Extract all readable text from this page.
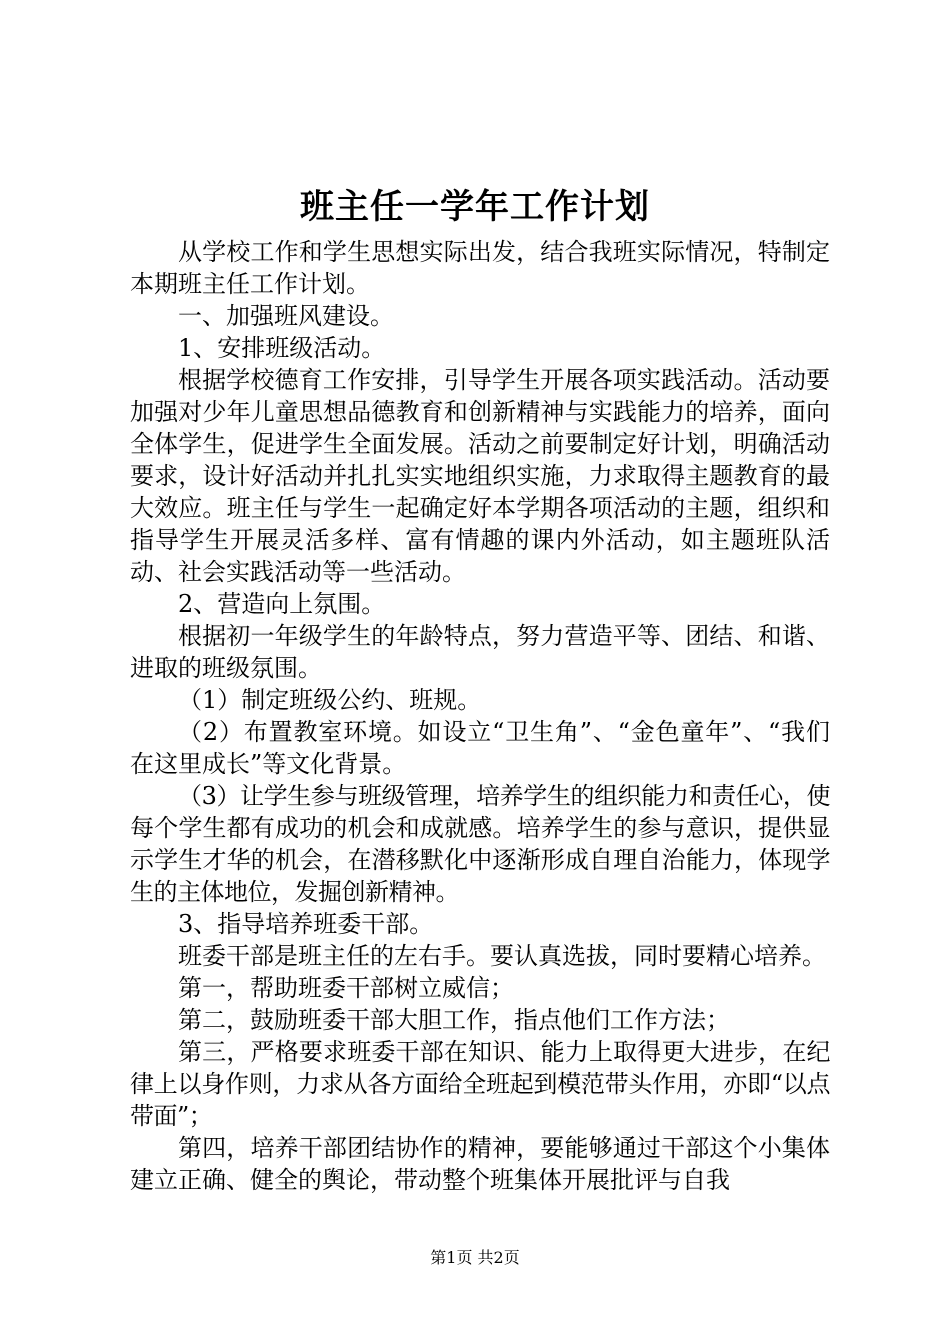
班主任一学年工作计划

从学校工作和学生思想实际出发，结合我班实际情况，特制定本期班主任工作计划。

一、加强班风建设。

1、安排班级活动。

根据学校德育工作安排，引导学生开展各项实践活动。活动要加强对少年儿童思想品德教育和创新精神与实践能力的培养，面向全体学生，促进学生全面发展。活动之前要制定好计划，明确活动要求，设计好活动并扎扎实实地组织实施，力求取得主题教育的最大效应。班主任与学生一起确定好本学期各项活动的主题，组织和指导学生开展灵活多样、富有情趣的课内外活动，如主题班队活动、社会实践活动等一些活动。

2、营造向上氛围。

根据初一年级学生的年龄特点，努力营造平等、团结、和谐、进取的班级氛围。

（1）制定班级公约、班规。

（2）布置教室环境。如设立“卫生角”、“金色童年”、“我们在这里成长”等文化背景。

（3）让学生参与班级管理，培养学生的组织能力和责任心，使每个学生都有成功的机会和成就感。培养学生的参与意识，提供显示学生才华的机会，在潜移默化中逐渐形成自理自治能力，体现学生的主体地位，发掘创新精神。

3、指导培养班委干部。

班委干部是班主任的左右手。要认真选拔，同时要精心培养。

第一，帮助班委干部树立威信；

第二，鼓励班委干部大胆工作，指点他们工作方法；

第三，严格要求班委干部在知识、能力上取得更大进步，在纪律上以身作则，力求从各方面给全班起到模范带头作用，亦即“以点带面”；

第四，培养干部团结协作的精神，要能够通过干部这个小集体建立正确、健全的舆论，带动整个班集体开展批评与自我

第1页 共2页
